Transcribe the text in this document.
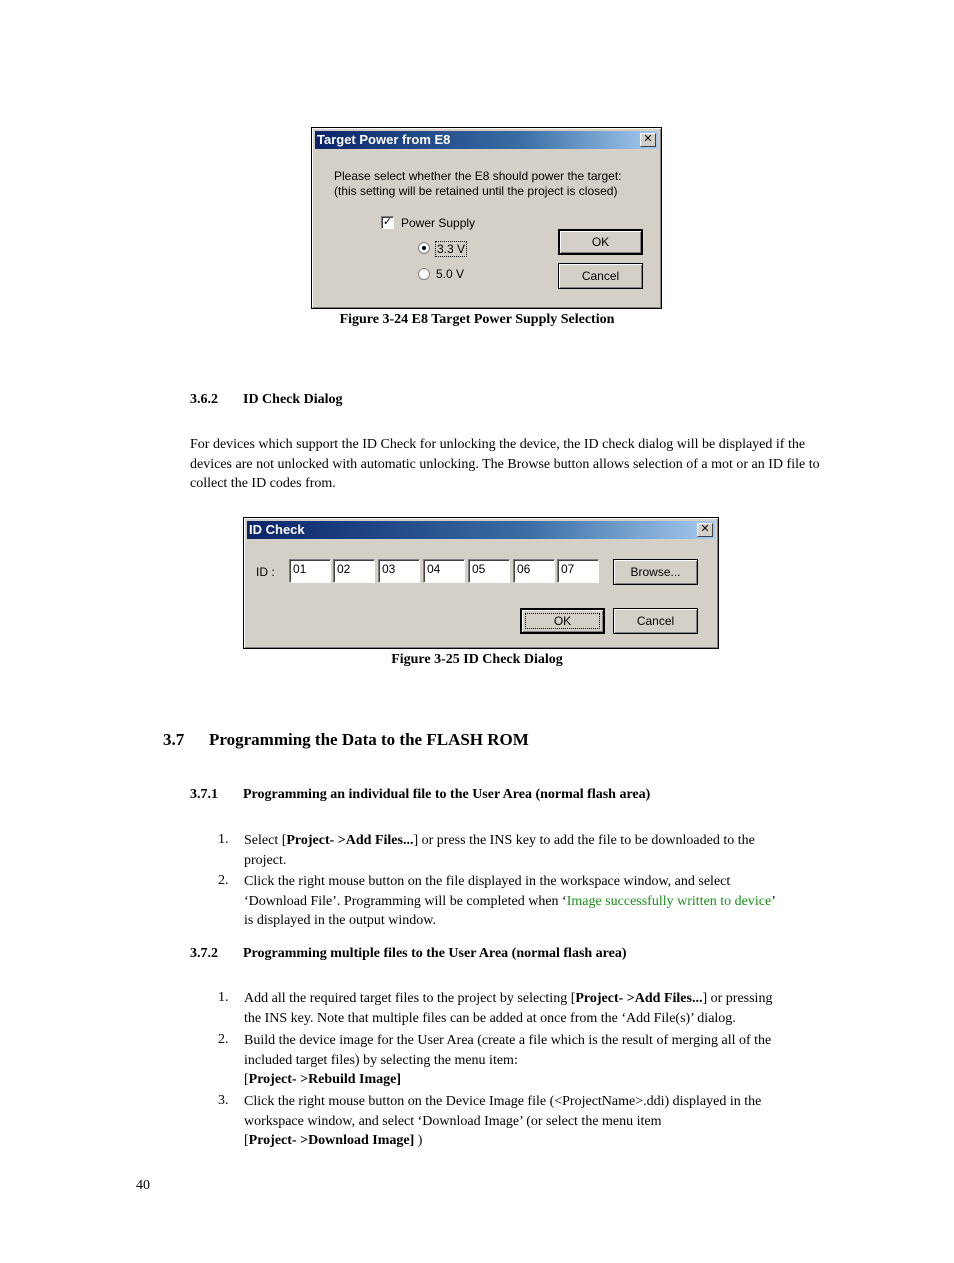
Target Power from E8	✕
Please select whether the E8 should power the target:
(this setting will be retained until the project is closed)
✓ Power Supply
3.3 V
5.0 V
OK
Cancel
Figure 3-24 E8 Target Power Supply Selection
3.6.2 ID Check Dialog
For devices which support the ID Check for unlocking the device, the ID check dialog will be displayed if the devices are not unlocked with automatic unlocking. The Browse button allows selection of a mot or an ID file to collect the ID codes from.
ID Check	✕
ID :	01	02	03	04	05	06	07	Browse...
OK	Cancel
Figure 3-25 ID Check Dialog
3.7 Programming the Data to the FLASH ROM
3.7.1 Programming an individual file to the User Area (normal flash area)
1. Select [Project- >Add Files...] or press the INS key to add the file to be downloaded to the
project.
2. Click the right mouse button on the file displayed in the workspace window, and select
‘Download File’. Programming will be completed when ‘Image successfully written to device’
is displayed in the output window.
3.7.2 Programming multiple files to the User Area (normal flash area)
1. Add all the required target files to the project by selecting [Project- >Add Files...] or pressing
the INS key. Note that multiple files can be added at once from the ‘Add File(s)’ dialog.
2. Build the device image for the User Area (create a file which is the result of merging all of the
included target files) by selecting the menu item:
[Project- >Rebuild Image]
3. Click the right mouse button on the Device Image file (<ProjectName>.ddi) displayed in the
workspace window, and select ‘Download Image’ (or select the menu item
[Project- >Download Image] )
40
